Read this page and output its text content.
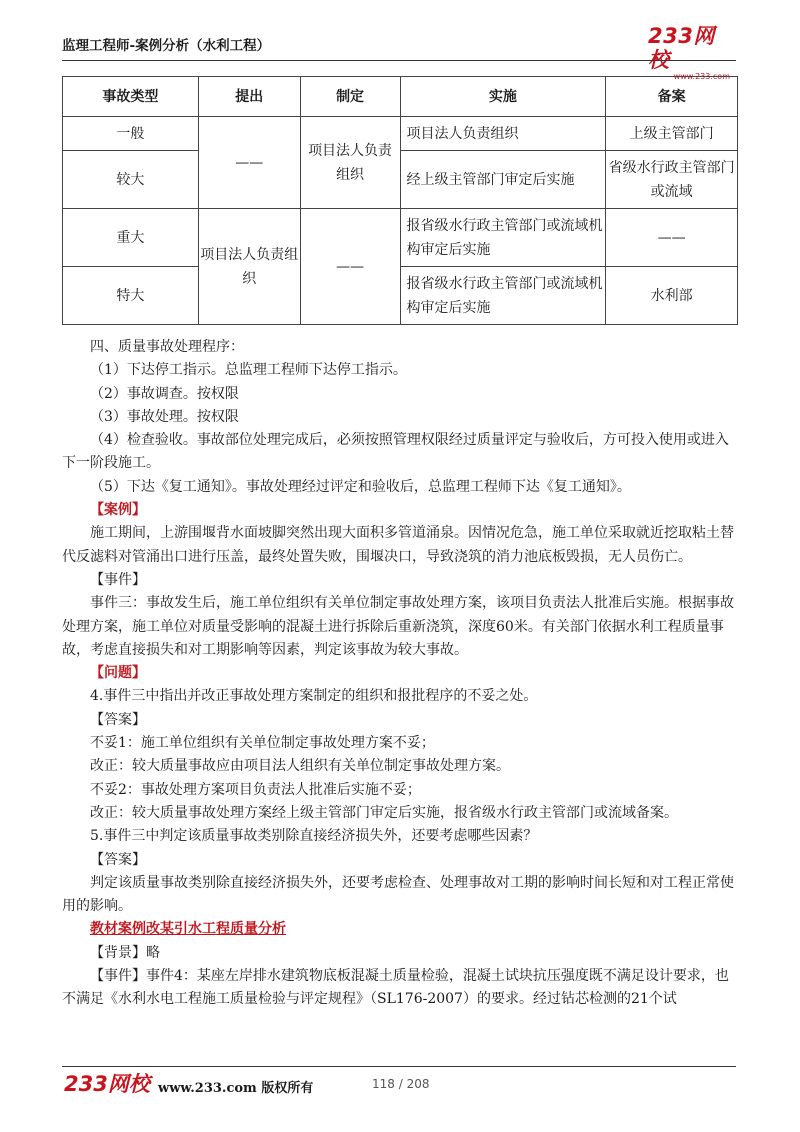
监理工程师-案例分析（水利工程）	233网校
www.233.com
事故类型	提出	制定	实施	备案
一般	——	项目法人负责组织	项目法人负责组织	上级主管部门
较大			经上级主管部门审定后实施	省级水行政主管部门或流域
重大	项目法人负责组织	——	报省级水行政主管部门或流域机构审定后实施	——
特大			报省级水行政主管部门或流域机构审定后实施	水利部

四、质量事故处理程序：

（1）下达停工指示。总监理工程师下达停工指示。

（2）事故调查。按权限

（3）事故处理。按权限

（4）检查验收。事故部位处理完成后，必须按照管理权限经过质量评定与验收后，方可投入使用或进入下一阶段施工。

（5）下达《复工通知》。事故处理经过评定和验收后，总监理工程师下达《复工通知》。

【案例】

施工期间，上游围堰背水面坡脚突然出现大面积多管道涌泉。因情况危急，施工单位采取就近挖取粘土替代反滤料对管涌出口进行压盖，最终处置失败，围堰决口，导致浇筑的消力池底板毁损，无人员伤亡。

【事件】

事件三：事故发生后，施工单位组织有关单位制定事故处理方案，该项目负责法人批准后实施。根据事故处理方案，施工单位对质量受影响的混凝土进行拆除后重新浇筑，深度60米。有关部门依据水利工程质量事故，考虑直接损失和对工期影响等因素，判定该事故为较大事故。

【问题】

4.事件三中指出并改正事故处理方案制定的组织和报批程序的不妥之处。

【答案】

不妥1：施工单位组织有关单位制定事故处理方案不妥；

改正：较大质量事故应由项目法人组织有关单位制定事故处理方案。

不妥2：事故处理方案项目负责法人批准后实施不妥；

改正：较大质量事故处理方案经上级主管部门审定后实施，报省级水行政主管部门或流域备案。

5.事件三中判定该质量事故类别除直接经济损失外，还要考虑哪些因素？

【答案】

判定该质量事故类别除直接经济损失外，还要考虑检查、处理事故对工期的影响时间长短和对工程正常使用的影响。

教材案例改某引水工程质量分析

【背景】略

【事件】事件4：某座左岸排水建筑物底板混凝土质量检验，混凝土试块抗压强度既不满足设计要求，也不满足《水利水电工程施工质量检验与评定规程》（SL176-2007）的要求。经过钻芯检测的21个试

233网校 www.233.com 版权所有	118 / 208
